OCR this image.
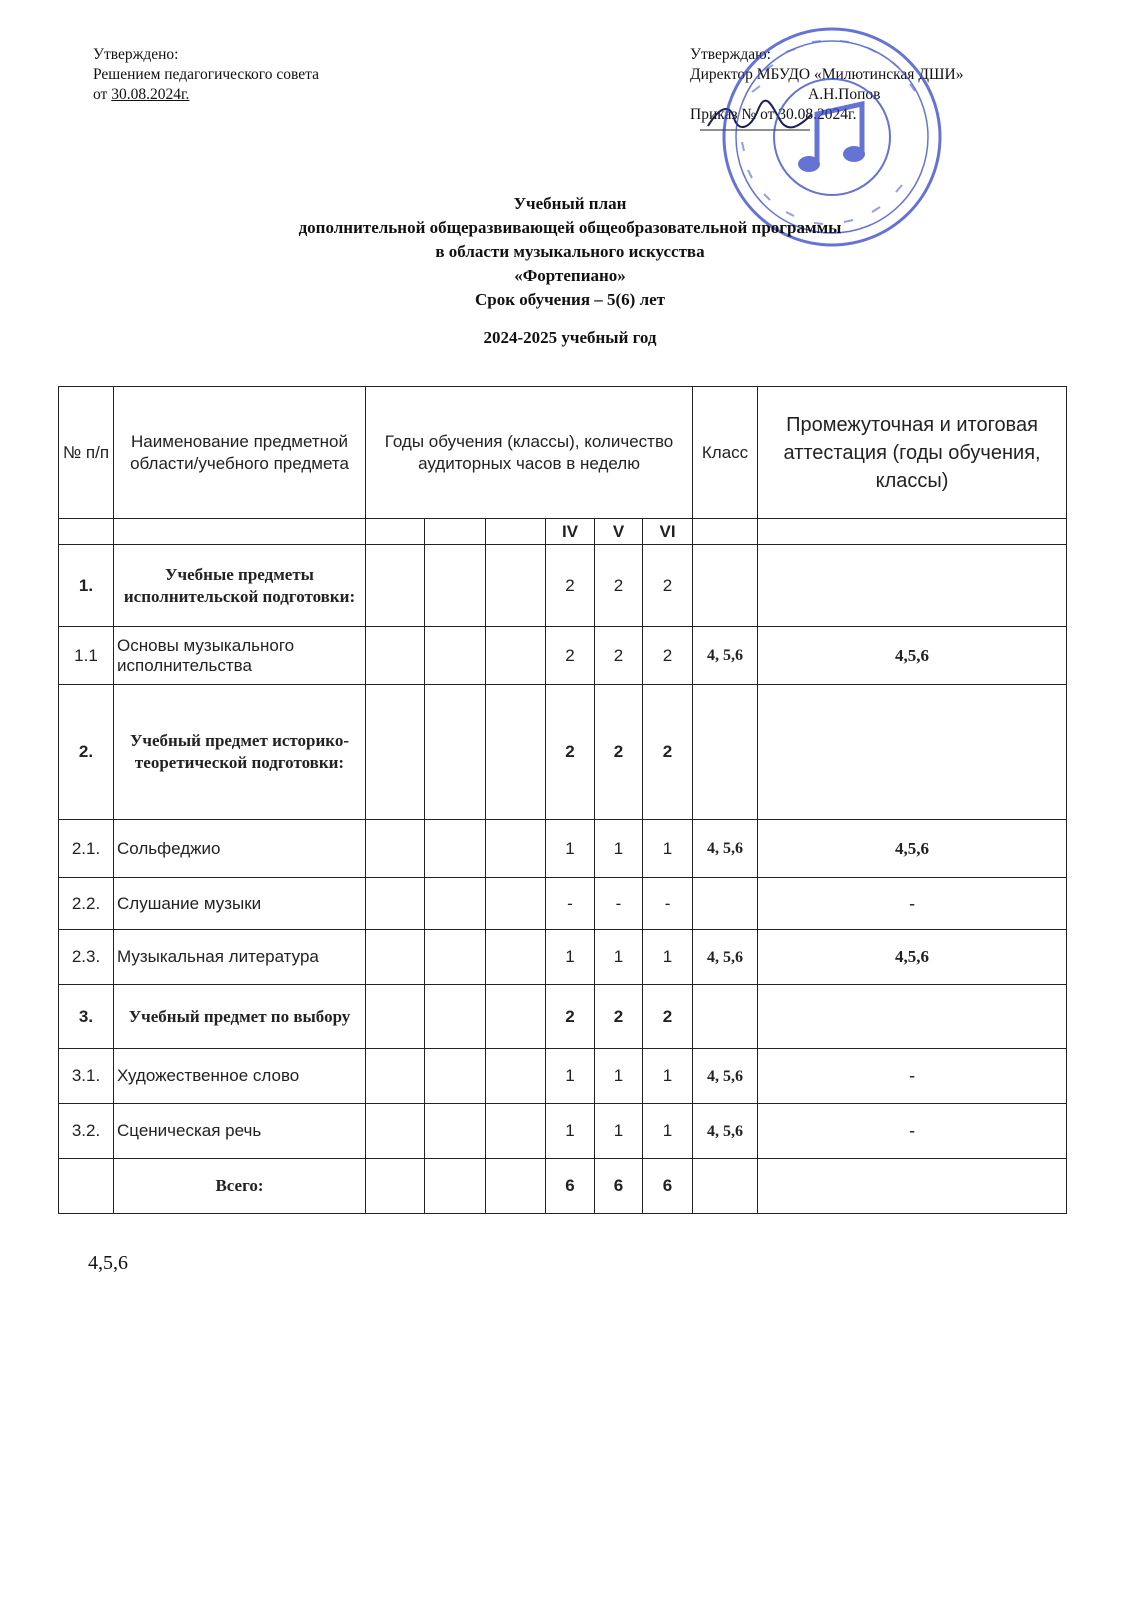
Утверждено:
Решением педагогического совета
от 30.08.2024г.
Утверждаю:
Директор МБУДО «Милютинская ДШИ»
А.Н.Попов
Приказ № от 30.08.2024г.
Учебный план
дополнительной общеразвивающей общеобразовательной программы
в области музыкального искусства
«Фортепиано»
Срок обучения – 5(6) лет
2024-2025 учебный год
№ п/п	Наименование предметной области/учебного предмета	Годы обучения (классы), количество аудиторных часов в неделю						Класс	Промежуточная и итоговая аттестация (годы обучения, классы)
					IV	V	VI		
1.	Учебные предметы исполнительской подготовки:				2	2	2		
1.1	Основы музыкального исполнительства				2	2	2	4, 5,6	4,5,6
2.	Учебный предмет историко-теоретической подготовки:				2	2	2		
2.1.	Сольфеджио				1	1	1	4, 5,6	4,5,6
2.2.	Слушание музыки				-	-	-		-
2.3.	Музыкальная литература				1	1	1	4, 5,6	4,5,6
3.	Учебный предмет по выбору				2	2	2		
3.1.	Художественное слово				1	1	1	4, 5,6	-
3.2.	Сценическая речь				1	1	1	4, 5,6	-
	Всего:				6	6	6		
4,5,6
